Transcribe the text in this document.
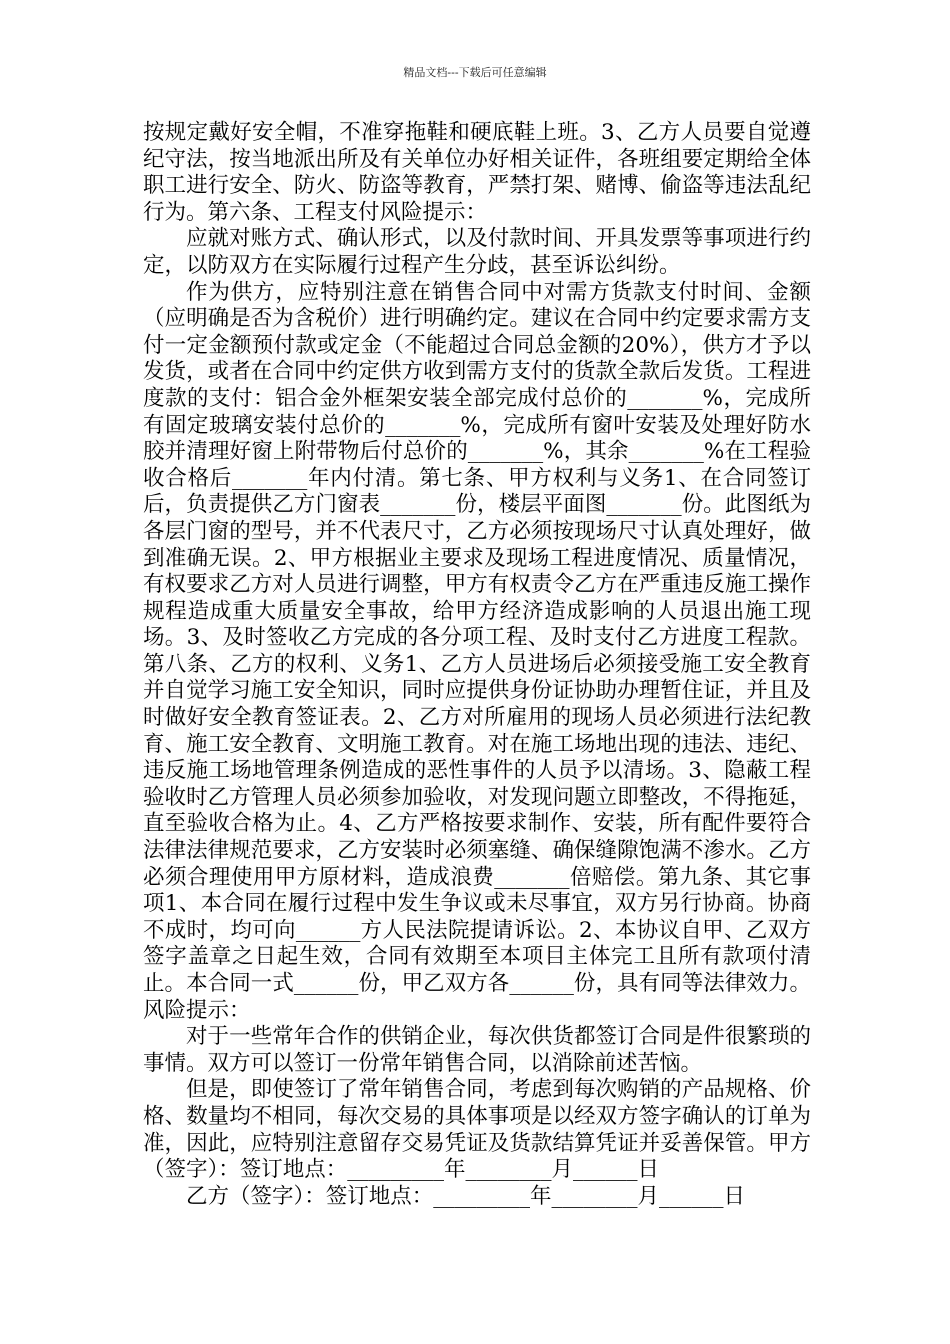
精品文档---下载后可任意编辑

按规定戴好安全帽，不准穿拖鞋和硬底鞋上班。3、乙方人员要自觉遵纪守法，按当地派出所及有关单位办好相关证件，各班组要定期给全体职工进行安全、防火、防盗等教育，严禁打架、赌博、偷盗等违法乱纪行为。第六条、工程支付风险提示：

应就对账方式、确认形式，以及付款时间、开具发票等事项进行约定，以防双方在实际履行过程产生分歧，甚至诉讼纠纷。

作为供方，应特别注意在销售合同中对需方货款支付时间、金额（应明确是否为含税价）进行明确约定。建议在合同中约定要求需方支付一定金额预付款或定金（不能超过合同总金额的20%），供方才予以发货，或者在合同中约定供方收到需方支付的货款全款后发货。工程进度款的支付：铝合金外框架安装全部完成付总价的_______%，完成所有固定玻璃安装付总价的_______%，完成所有窗叶安装及处理好防水胶并清理好窗上附带物后付总价的_______%，其余_______%在工程验收合格后_______年内付清。第七条、甲方权利与义务1、在合同签订后，负责提供乙方门窗表_______份，楼层平面图_______份。此图纸为各层门窗的型号，并不代表尺寸，乙方必须按现场尺寸认真处理好，做到准确无误。2、甲方根据业主要求及现场工程进度情况、质量情况，有权要求乙方对人员进行调整，甲方有权责令乙方在严重违反施工操作规程造成重大质量安全事故，给甲方经济造成影响的人员退出施工现场。3、及时签收乙方完成的各分项工程、及时支付乙方进度工程款。第八条、乙方的权利、义务1、乙方人员进场后必须接受施工安全教育并自觉学习施工安全知识，同时应提供身份证协助办理暂住证，并且及时做好安全教育签证表。2、乙方对所雇用的现场人员必须进行法纪教育、施工安全教育、文明施工教育。对在施工场地出现的违法、违纪、违反施工场地管理条例造成的恶性事件的人员予以清场。3、隐蔽工程验收时乙方管理人员必须参加验收，对发现问题立即整改，不得拖延，直至验收合格为止。4、乙方严格按要求制作、安装，所有配件要符合法律法律规范要求，乙方安装时必须塞缝、确保缝隙饱满不渗水。乙方必须合理使用甲方原材料，造成浪费_______倍赔偿。第九条、其它事项1、本合同在履行过程中发生争议或未尽事宜，双方另行协商。协商不成时，均可向______方人民法院提请诉讼。2、本协议自甲、乙双方签字盖章之日起生效，合同有效期至本项目主体完工且所有款项付清止。本合同一式______份，甲乙双方各______份，具有同等法律效力。风险提示：

对于一些常年合作的供销企业，每次供货都签订合同是件很繁琐的事情。双方可以签订一份常年销售合同，以消除前述苦恼。

但是，即使签订了常年销售合同，考虑到每次购销的产品规格、价格、数量均不相同，每次交易的具体事项是以经双方签字确认的订单为准，因此，应特别注意留存交易凭证及货款结算凭证并妥善保管。甲方（签字）：签订地点：_________年________月______日

乙方（签字）：签订地点：_________年________月______日
